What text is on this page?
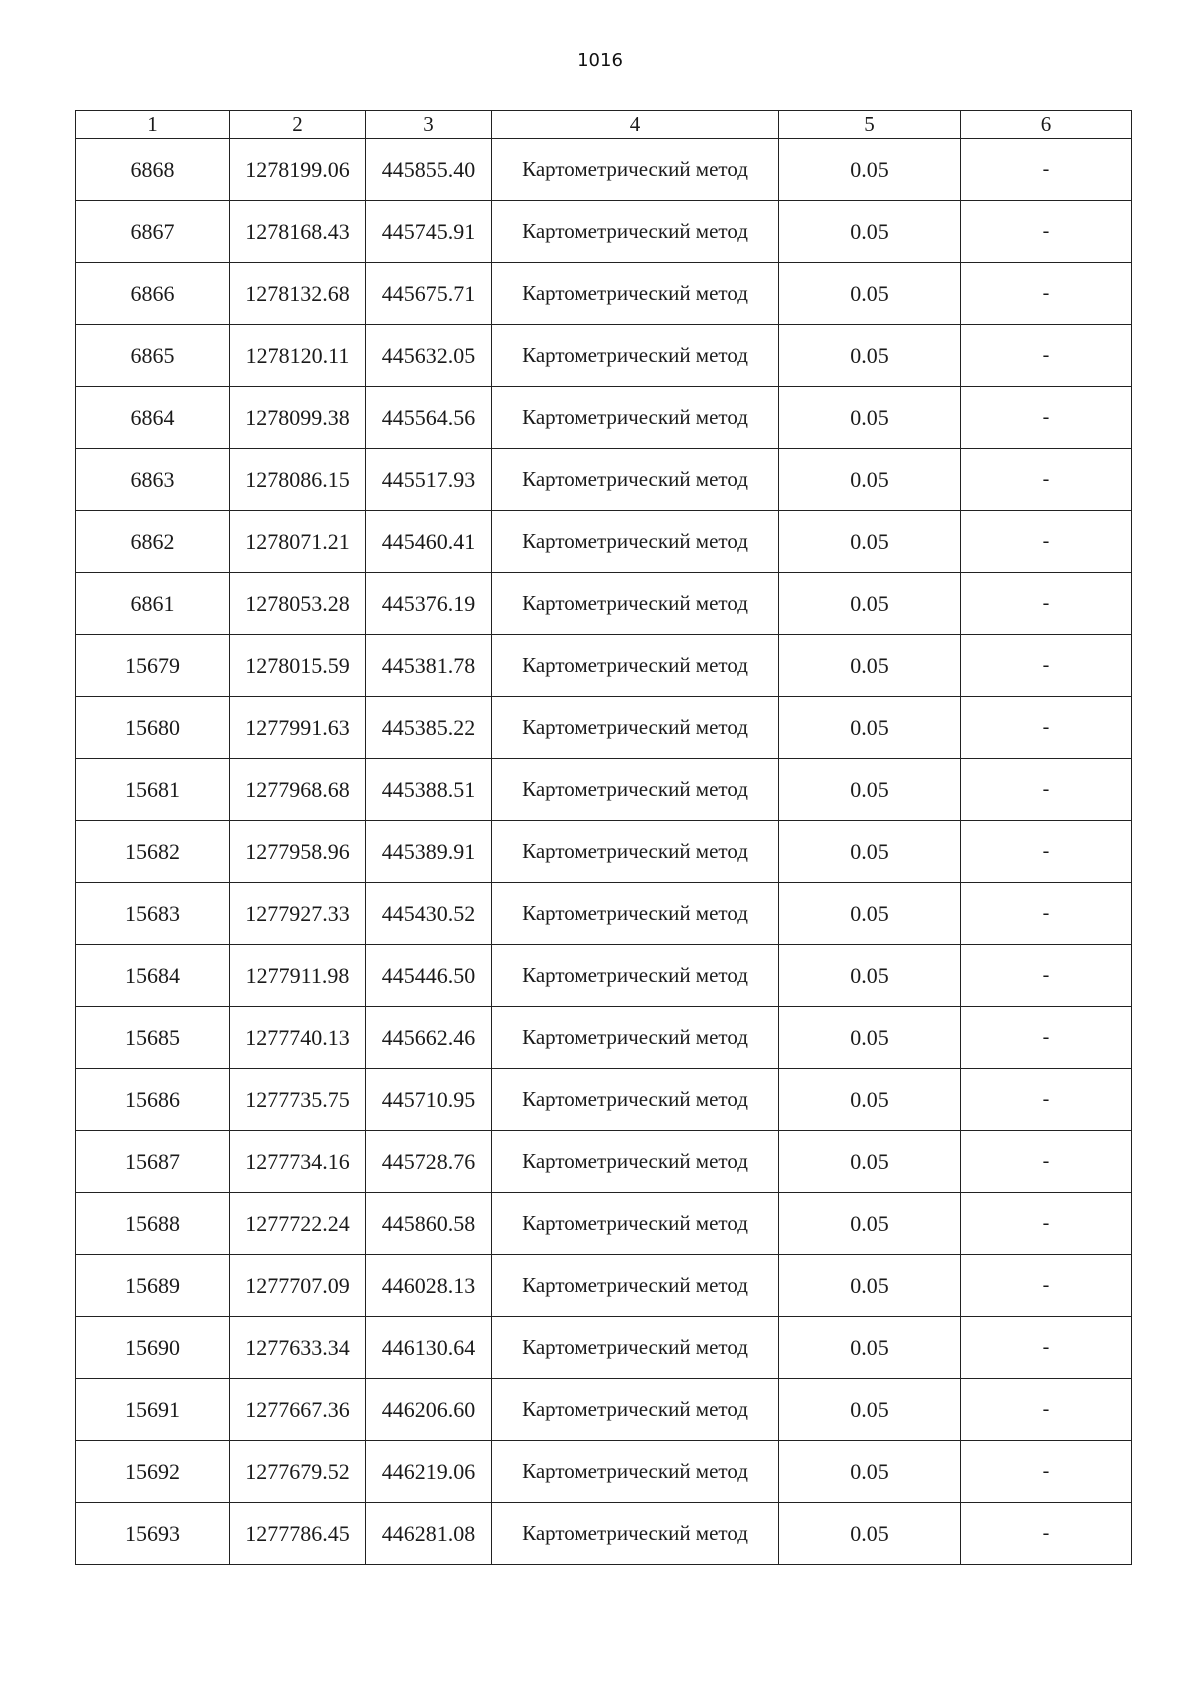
1016
1	2	3	4	5	6
6868	1278199.06	445855.40	Картометрический метод	0.05	-
6867	1278168.43	445745.91	Картометрический метод	0.05	-
6866	1278132.68	445675.71	Картометрический метод	0.05	-
6865	1278120.11	445632.05	Картометрический метод	0.05	-
6864	1278099.38	445564.56	Картометрический метод	0.05	-
6863	1278086.15	445517.93	Картометрический метод	0.05	-
6862	1278071.21	445460.41	Картометрический метод	0.05	-
6861	1278053.28	445376.19	Картометрический метод	0.05	-
15679	1278015.59	445381.78	Картометрический метод	0.05	-
15680	1277991.63	445385.22	Картометрический метод	0.05	-
15681	1277968.68	445388.51	Картометрический метод	0.05	-
15682	1277958.96	445389.91	Картометрический метод	0.05	-
15683	1277927.33	445430.52	Картометрический метод	0.05	-
15684	1277911.98	445446.50	Картометрический метод	0.05	-
15685	1277740.13	445662.46	Картометрический метод	0.05	-
15686	1277735.75	445710.95	Картометрический метод	0.05	-
15687	1277734.16	445728.76	Картометрический метод	0.05	-
15688	1277722.24	445860.58	Картометрический метод	0.05	-
15689	1277707.09	446028.13	Картометрический метод	0.05	-
15690	1277633.34	446130.64	Картометрический метод	0.05	-
15691	1277667.36	446206.60	Картометрический метод	0.05	-
15692	1277679.52	446219.06	Картометрический метод	0.05	-
15693	1277786.45	446281.08	Картометрический метод	0.05	-
